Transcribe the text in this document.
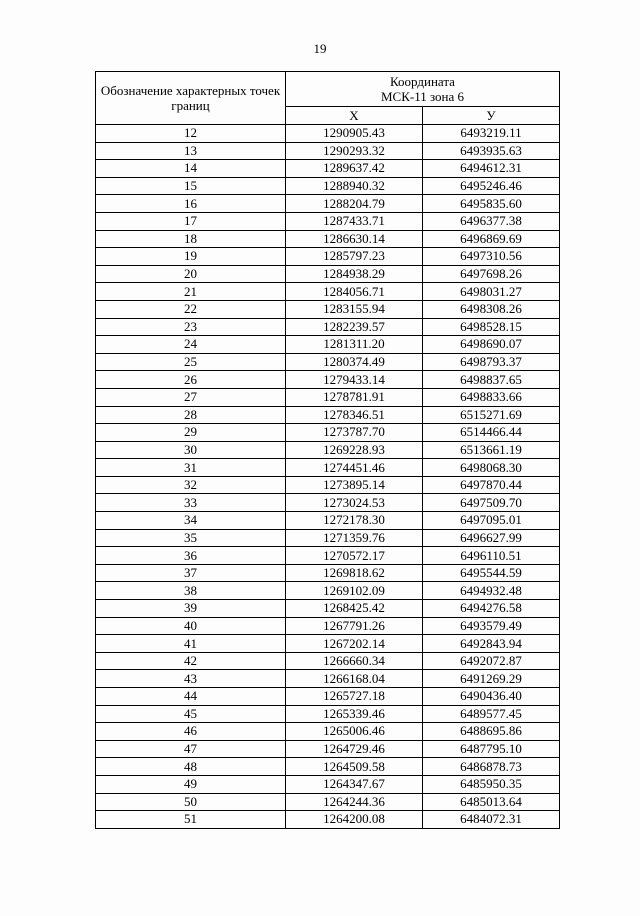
19
Обозначение характерных точек границ	Координата
МСК-11 зона 6	
	X	У
12	1290905.43	6493219.11
13	1290293.32	6493935.63
14	1289637.42	6494612.31
15	1288940.32	6495246.46
16	1288204.79	6495835.60
17	1287433.71	6496377.38
18	1286630.14	6496869.69
19	1285797.23	6497310.56
20	1284938.29	6497698.26
21	1284056.71	6498031.27
22	1283155.94	6498308.26
23	1282239.57	6498528.15
24	1281311.20	6498690.07
25	1280374.49	6498793.37
26	1279433.14	6498837.65
27	1278781.91	6498833.66
28	1278346.51	6515271.69
29	1273787.70	6514466.44
30	1269228.93	6513661.19
31	1274451.46	6498068.30
32	1273895.14	6497870.44
33	1273024.53	6497509.70
34	1272178.30	6497095.01
35	1271359.76	6496627.99
36	1270572.17	6496110.51
37	1269818.62	6495544.59
38	1269102.09	6494932.48
39	1268425.42	6494276.58
40	1267791.26	6493579.49
41	1267202.14	6492843.94
42	1266660.34	6492072.87
43	1266168.04	6491269.29
44	1265727.18	6490436.40
45	1265339.46	6489577.45
46	1265006.46	6488695.86
47	1264729.46	6487795.10
48	1264509.58	6486878.73
49	1264347.67	6485950.35
50	1264244.36	6485013.64
51	1264200.08	6484072.31
